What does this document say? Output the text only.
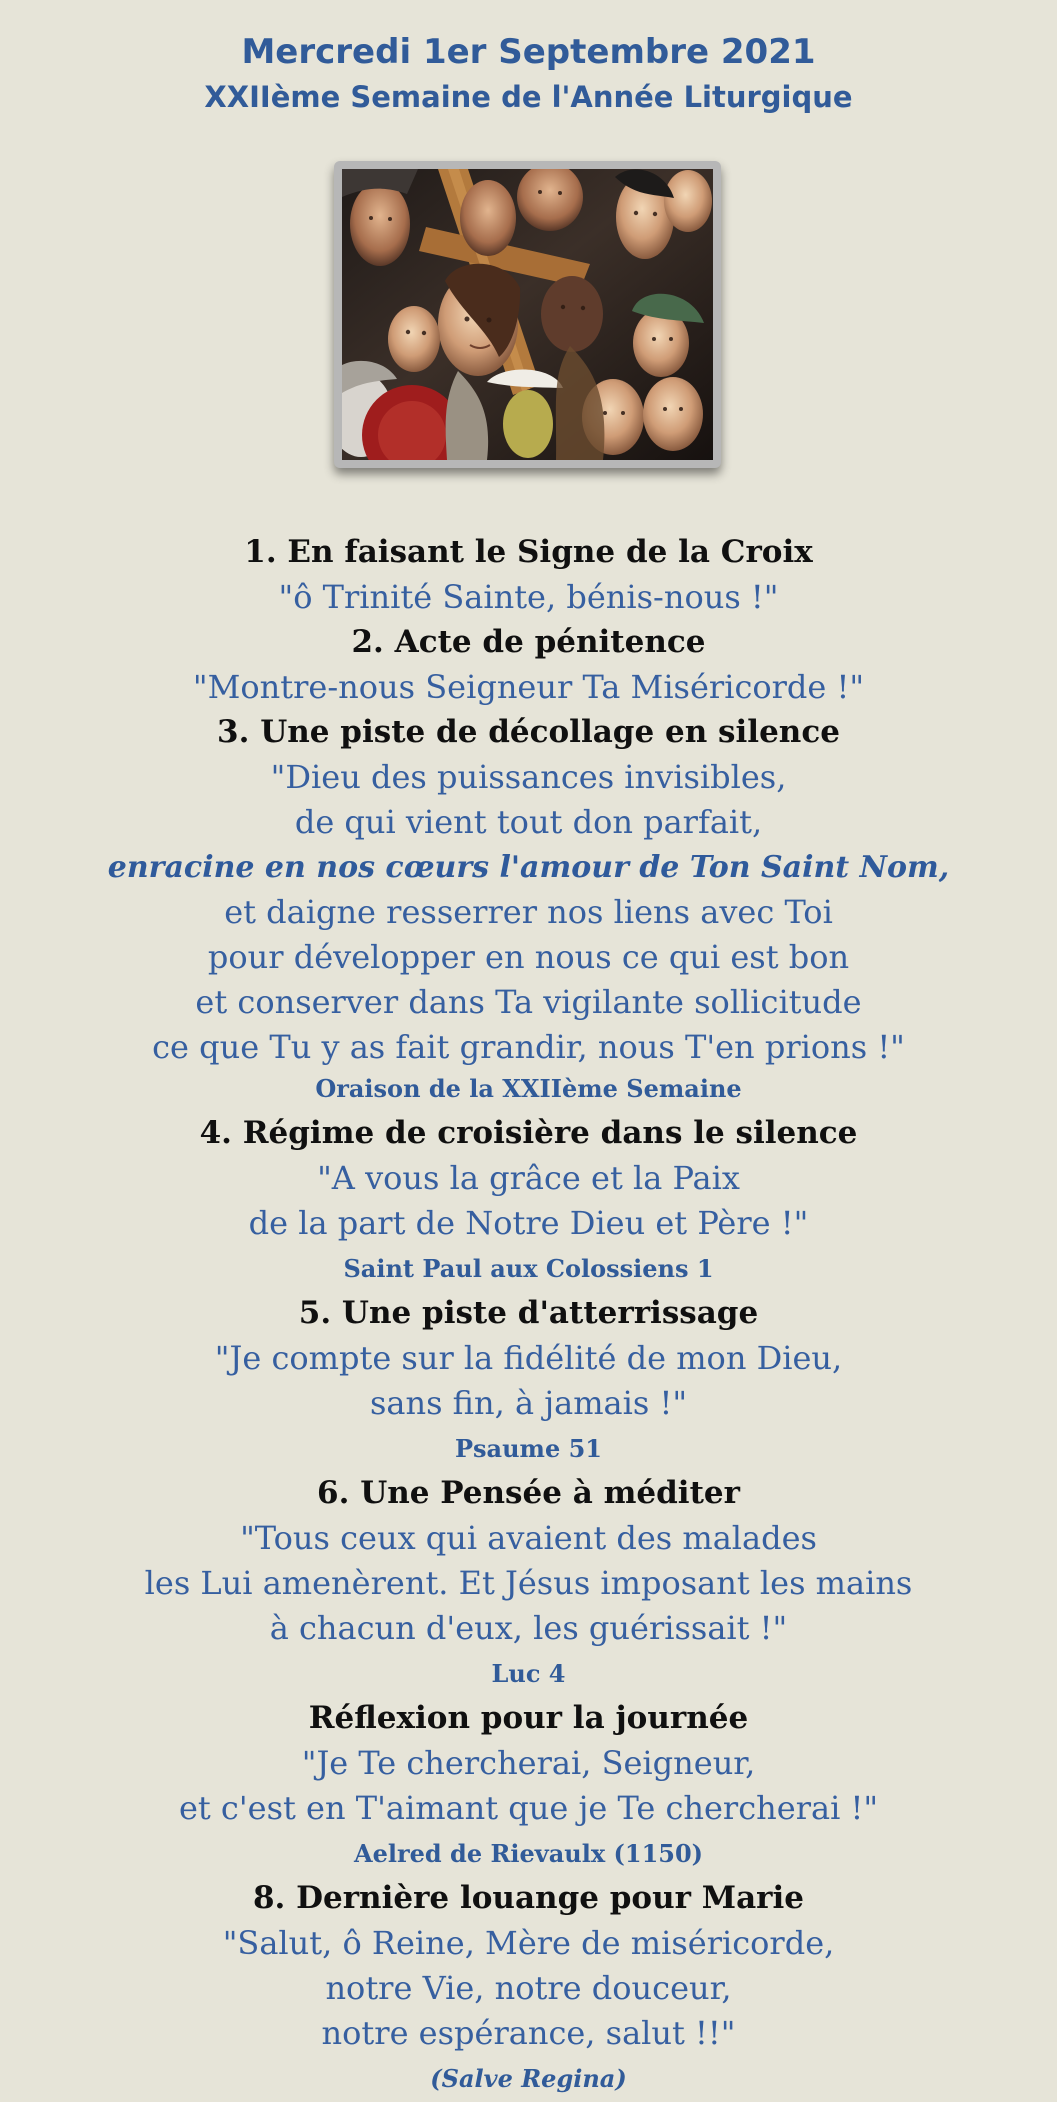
Mercredi 1er Septembre 2021
XXIIème Semaine de l'Année Liturgique
1. En faisant le Signe de la Croix
"ô Trinité Sainte, bénis-nous !"
2. Acte de pénitence
"Montre-nous Seigneur Ta Miséricorde !"
3. Une piste de décollage en silence
"Dieu des puissances invisibles,
de qui vient tout don parfait,
enracine en nos cœurs l'amour de Ton Saint Nom,
et daigne resserrer nos liens avec Toi
pour développer en nous ce qui est bon
et conserver dans Ta vigilante sollicitude
ce que Tu y as fait grandir, nous T'en prions !"
Oraison de la XXIIème Semaine
4. Régime de croisière dans le silence
"A vous la grâce et la Paix
de la part de Notre Dieu et Père !"
Saint Paul aux Colossiens 1
5. Une piste d'atterrissage
"Je compte sur la fidélité de mon Dieu,
sans fin, à jamais !"
Psaume 51
6. Une Pensée à méditer
"Tous ceux qui avaient des malades
les Lui amenèrent. Et Jésus imposant les mains
à chacun d'eux, les guérissait !"
Luc 4
Réflexion pour la journée
"Je Te chercherai, Seigneur,
et c'est en T'aimant que je Te chercherai !"
Aelred de Rievaulx (1150)
8. Dernière louange pour Marie
"Salut, ô Reine, Mère de miséricorde,
notre Vie, notre douceur,
notre espérance, salut !!"
(Salve Regina)
